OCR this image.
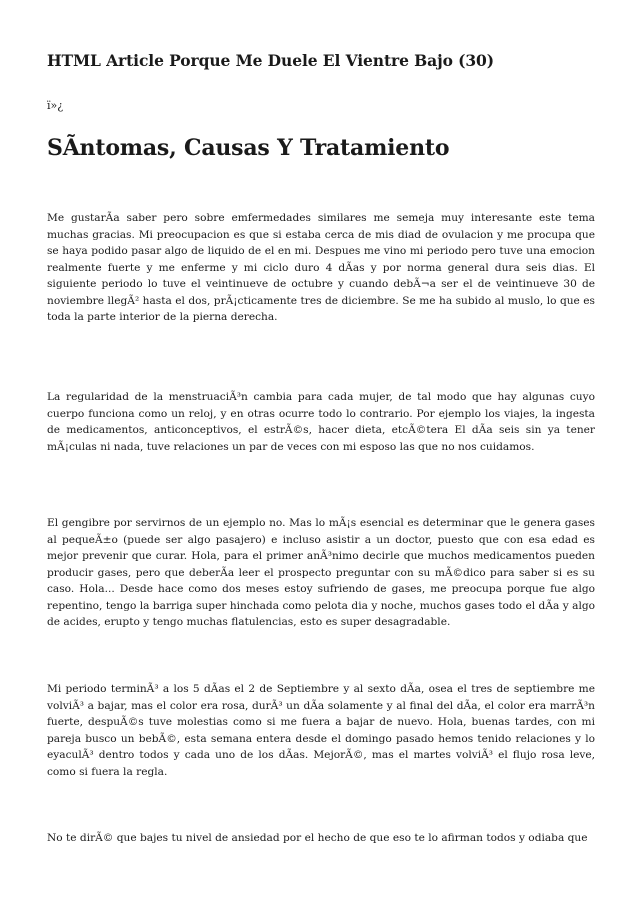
HTML Article Porque Me Duele El Vientre Bajo (30)

ï»¿

SÃntomas, Causas Y Tratamiento

Me gustarÃa saber pero sobre emfermedades similares me semeja muy interesante este tema muchas gracias. Mi preocupacion es que si estaba cerca de mis diad de ovulacion y me procupa que se haya podido pasar algo de liquido de el en mi. Despues me vino mi periodo pero tuve una emocion realmente fuerte y me enferme y mi ciclo duro 4 dÃas y por norma general dura seis dias. El siguiente periodo lo tuve el veintinueve de octubre y cuando debÃ¬a ser el de veintinueve 30 de noviembre llegÃ² hasta el dos, prÃ¡cticamente tres de diciembre. Se me ha subido al muslo, lo que es toda la parte interior de la pierna derecha.

La regularidad de la menstruaciÃ³n cambia para cada mujer, de tal modo que hay algunas cuyo cuerpo funciona como un reloj, y en otras ocurre todo lo contrario. Por ejemplo los viajes, la ingesta de medicamentos, anticonceptivos, el estrÃ©s, hacer dieta, etcÃ©tera El dÃa seis sin ya tener mÃ¡culas ni nada, tuve relaciones un par de veces con mi esposo las que no nos cuidamos.

El gengibre por servirnos de un ejemplo no. Mas lo mÃ¡s esencial es determinar que le genera gases al pequeÃ±o (puede ser algo pasajero) e incluso asistir a un doctor, puesto que con esa edad es mejor prevenir que curar. Hola, para el primer anÃ³nimo decirle que muchos medicamentos pueden producir gases, pero que deberÃa leer el prospecto preguntar con su mÃ©dico para saber si es su caso. Hola... Desde hace como dos meses estoy sufriendo de gases, me preocupa porque fue algo repentino, tengo la barriga super hinchada como pelota dia y noche, muchos gases todo el dÃa y algo de acides, erupto y tengo muchas flatulencias, esto es super desagradable.

Mi periodo terminÃ³ a los 5 dÃas el 2 de Septiembre y al sexto dÃa, osea el tres de septiembre me volviÃ³ a bajar, mas el color era rosa, durÃ³ un dÃa solamente y al final del dÃa, el color era marrÃ³n fuerte, despuÃ©s tuve molestias como si me fuera a bajar de nuevo. Hola, buenas tardes, con mi pareja busco un bebÃ©, esta semana entera desde el domingo pasado hemos tenido relaciones y lo eyaculÃ³ dentro todos y cada uno de los dÃas. MejorÃ©, mas el martes volviÃ³ el flujo rosa leve, como si fuera la regla.

No te dirÃ© que bajes tu nivel de ansiedad por el hecho de que eso te lo afirman todos y odiaba que
